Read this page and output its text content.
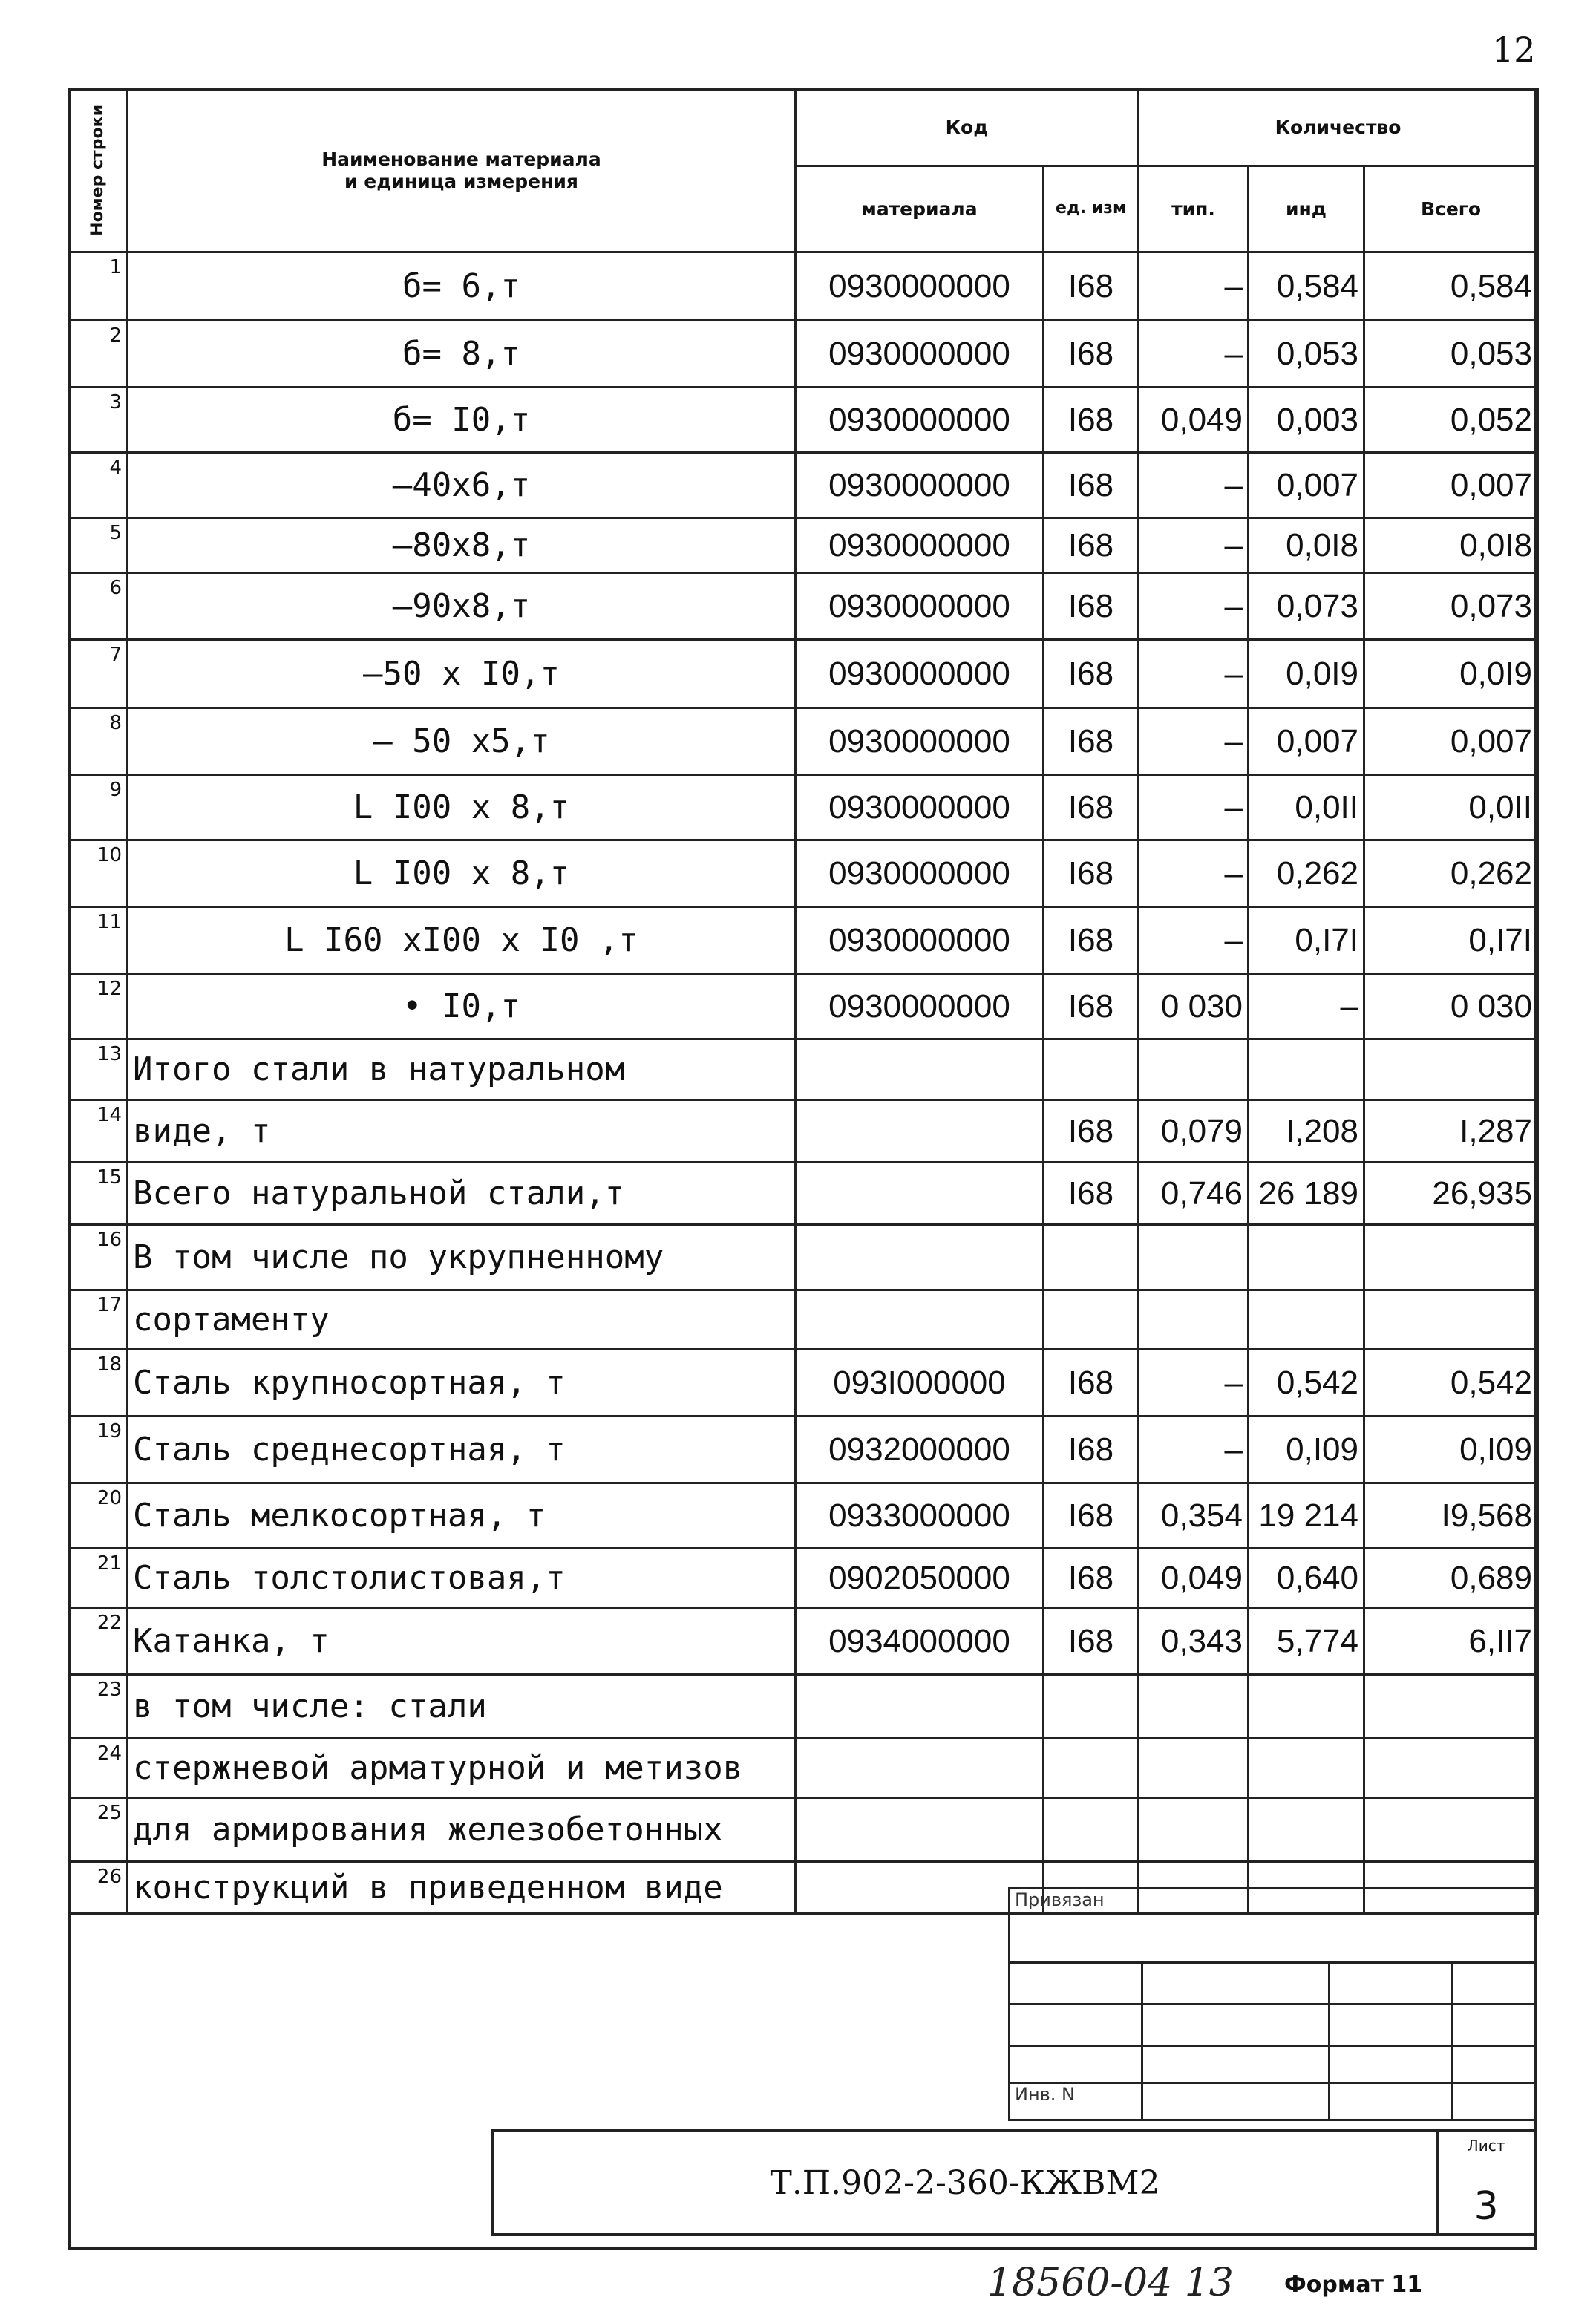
12
Номер строки	Наименование материала
и единица измерения	Код		Количество		
		материала	ед. изм	тип.	инд	Всего
1	б= 6,т	0930000000	I68	–	0,584	0,584
2	б= 8,т	0930000000	I68	–	0,053	0,053
3	б= I0,т	0930000000	I68	0,049	0,003	0,052
4	–40х6,т	0930000000	I68	–	0,007	0,007
5	–80х8,т	0930000000	I68	–	0,0I8	0,0I8
6	–90х8,т	0930000000	I68	–	0,073	0,073
7	–50 х I0,т	0930000000	I68	–	0,0I9	0,0I9
8	– 50 х5,т	0930000000	I68	–	0,007	0,007
9	L I00 х 8,т	0930000000	I68	–	0,0II	0,0II
10	L I00 х 8,т	0930000000	I68	–	0,262	0,262
11	L I60 хI00 х I0 ,т	0930000000	I68	–	0,I7I	0,I7I
12	• I0,т	0930000000	I68	0 030	–	0 030
13	Итого стали в натуральном					
14	виде, т		I68	0,079	I,208	I,287
15	Всего натуральной стали,т		I68	0,746	26 189	26,935
16	В том числе по укрупненному					
17	сортаменту					
18	Сталь крупносортная, т	093I000000	I68	–	0,542	0,542
19	Сталь среднесортная, т	0932000000	I68	–	0,I09	0,I09
20	Сталь мелкосортная, т	0933000000	I68	0,354	19 214	I9,568
21	Сталь толстолистовая,т	0902050000	I68	0,049	0,640	0,689
22	Катанка, т	0934000000	I68	0,343	5,774	6,II7
23	в том числе: стали					
24	стержневой арматурной и метизов					
25	для армирования железобетонных					
26	конструкций в приведенном виде						Привязан			

Инв. N			
Т.П.902-2-360-КЖВМ2
Лист
3
18560-04 13 Формат 11
